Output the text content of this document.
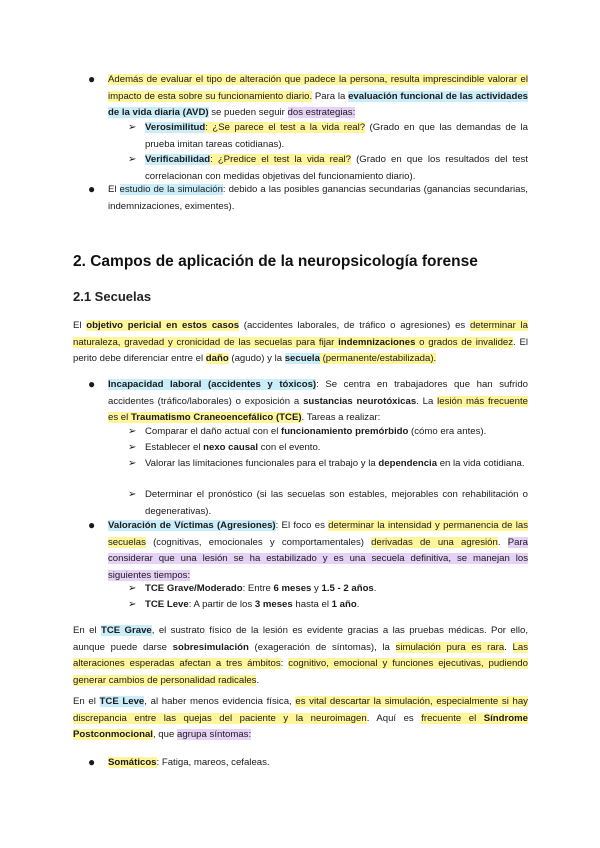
● Además de evaluar el tipo de alteración que padece la persona, resulta imprescindible valorar el impacto de esta sobre su funcionamiento diario. Para la evaluación funcional de las actividades de la vida diaria (AVD) se pueden seguir dos estrategias:
➢ Verosimilitud: ¿Se parece el test a la vida real? (Grado en que las demandas de la prueba imitan tareas cotidianas).
➢ Verificabilidad: ¿Predice el test la vida real? (Grado en que los resultados del test correlacionan con medidas objetivas del funcionamiento diario).
● El estudio de la simulación: debido a las posibles ganancias secundarias (ganancias secundarias, indemnizaciones, eximentes).
2. Campos de aplicación de la neuropsicología forense
2.1 Secuelas
El objetivo pericial en estos casos (accidentes laborales, de tráfico o agresiones) es determinar la naturaleza, gravedad y cronicidad de las secuelas para fijar indemnizaciones o grados de invalidez. El perito debe diferenciar entre el daño (agudo) y la secuela (permanente/estabilizada).
● Incapacidad laboral (accidentes y tóxicos): Se centra en trabajadores que han sufrido accidentes (tráfico/laborales) o exposición a sustancias neurotóxicas. La lesión más frecuente es el Traumatismo Craneoencefálico (TCE). Tareas a realizar:
➢ Comparar el daño actual con el funcionamiento premórbido (cómo era antes).
➢ Establecer el nexo causal con el evento.
➢ Valorar las limitaciones funcionales para el trabajo y la dependencia en la vida cotidiana.
➢ Determinar el pronóstico (si las secuelas son estables, mejorables con rehabilitación o degenerativas).
● Valoración de Víctimas (Agresiones): El foco es determinar la intensidad y permanencia de las secuelas (cognitivas, emocionales y comportamentales) derivadas de una agresión. Para considerar que una lesión se ha estabilizado y es una secuela definitiva, se manejan los siguientes tiempos:
➢ TCE Grave/Moderado: Entre 6 meses y 1.5 - 2 años.
➢ TCE Leve: A partir de los 3 meses hasta el 1 año.
En el TCE Grave, el sustrato físico de la lesión es evidente gracias a las pruebas médicas. Por ello, aunque puede darse sobresimulación (exageración de síntomas), la simulación pura es rara. Las alteraciones esperadas afectan a tres ámbitos: cognitivo, emocional y funciones ejecutivas, pudiendo generar cambios de personalidad radicales.
En el TCE Leve, al haber menos evidencia física, es vital descartar la simulación, especialmente si hay discrepancia entre las quejas del paciente y la neuroimagen. Aquí es frecuente el Síndrome Postconmocional, que agrupa síntomas:
● Somáticos: Fatiga, mareos, cefaleas.
